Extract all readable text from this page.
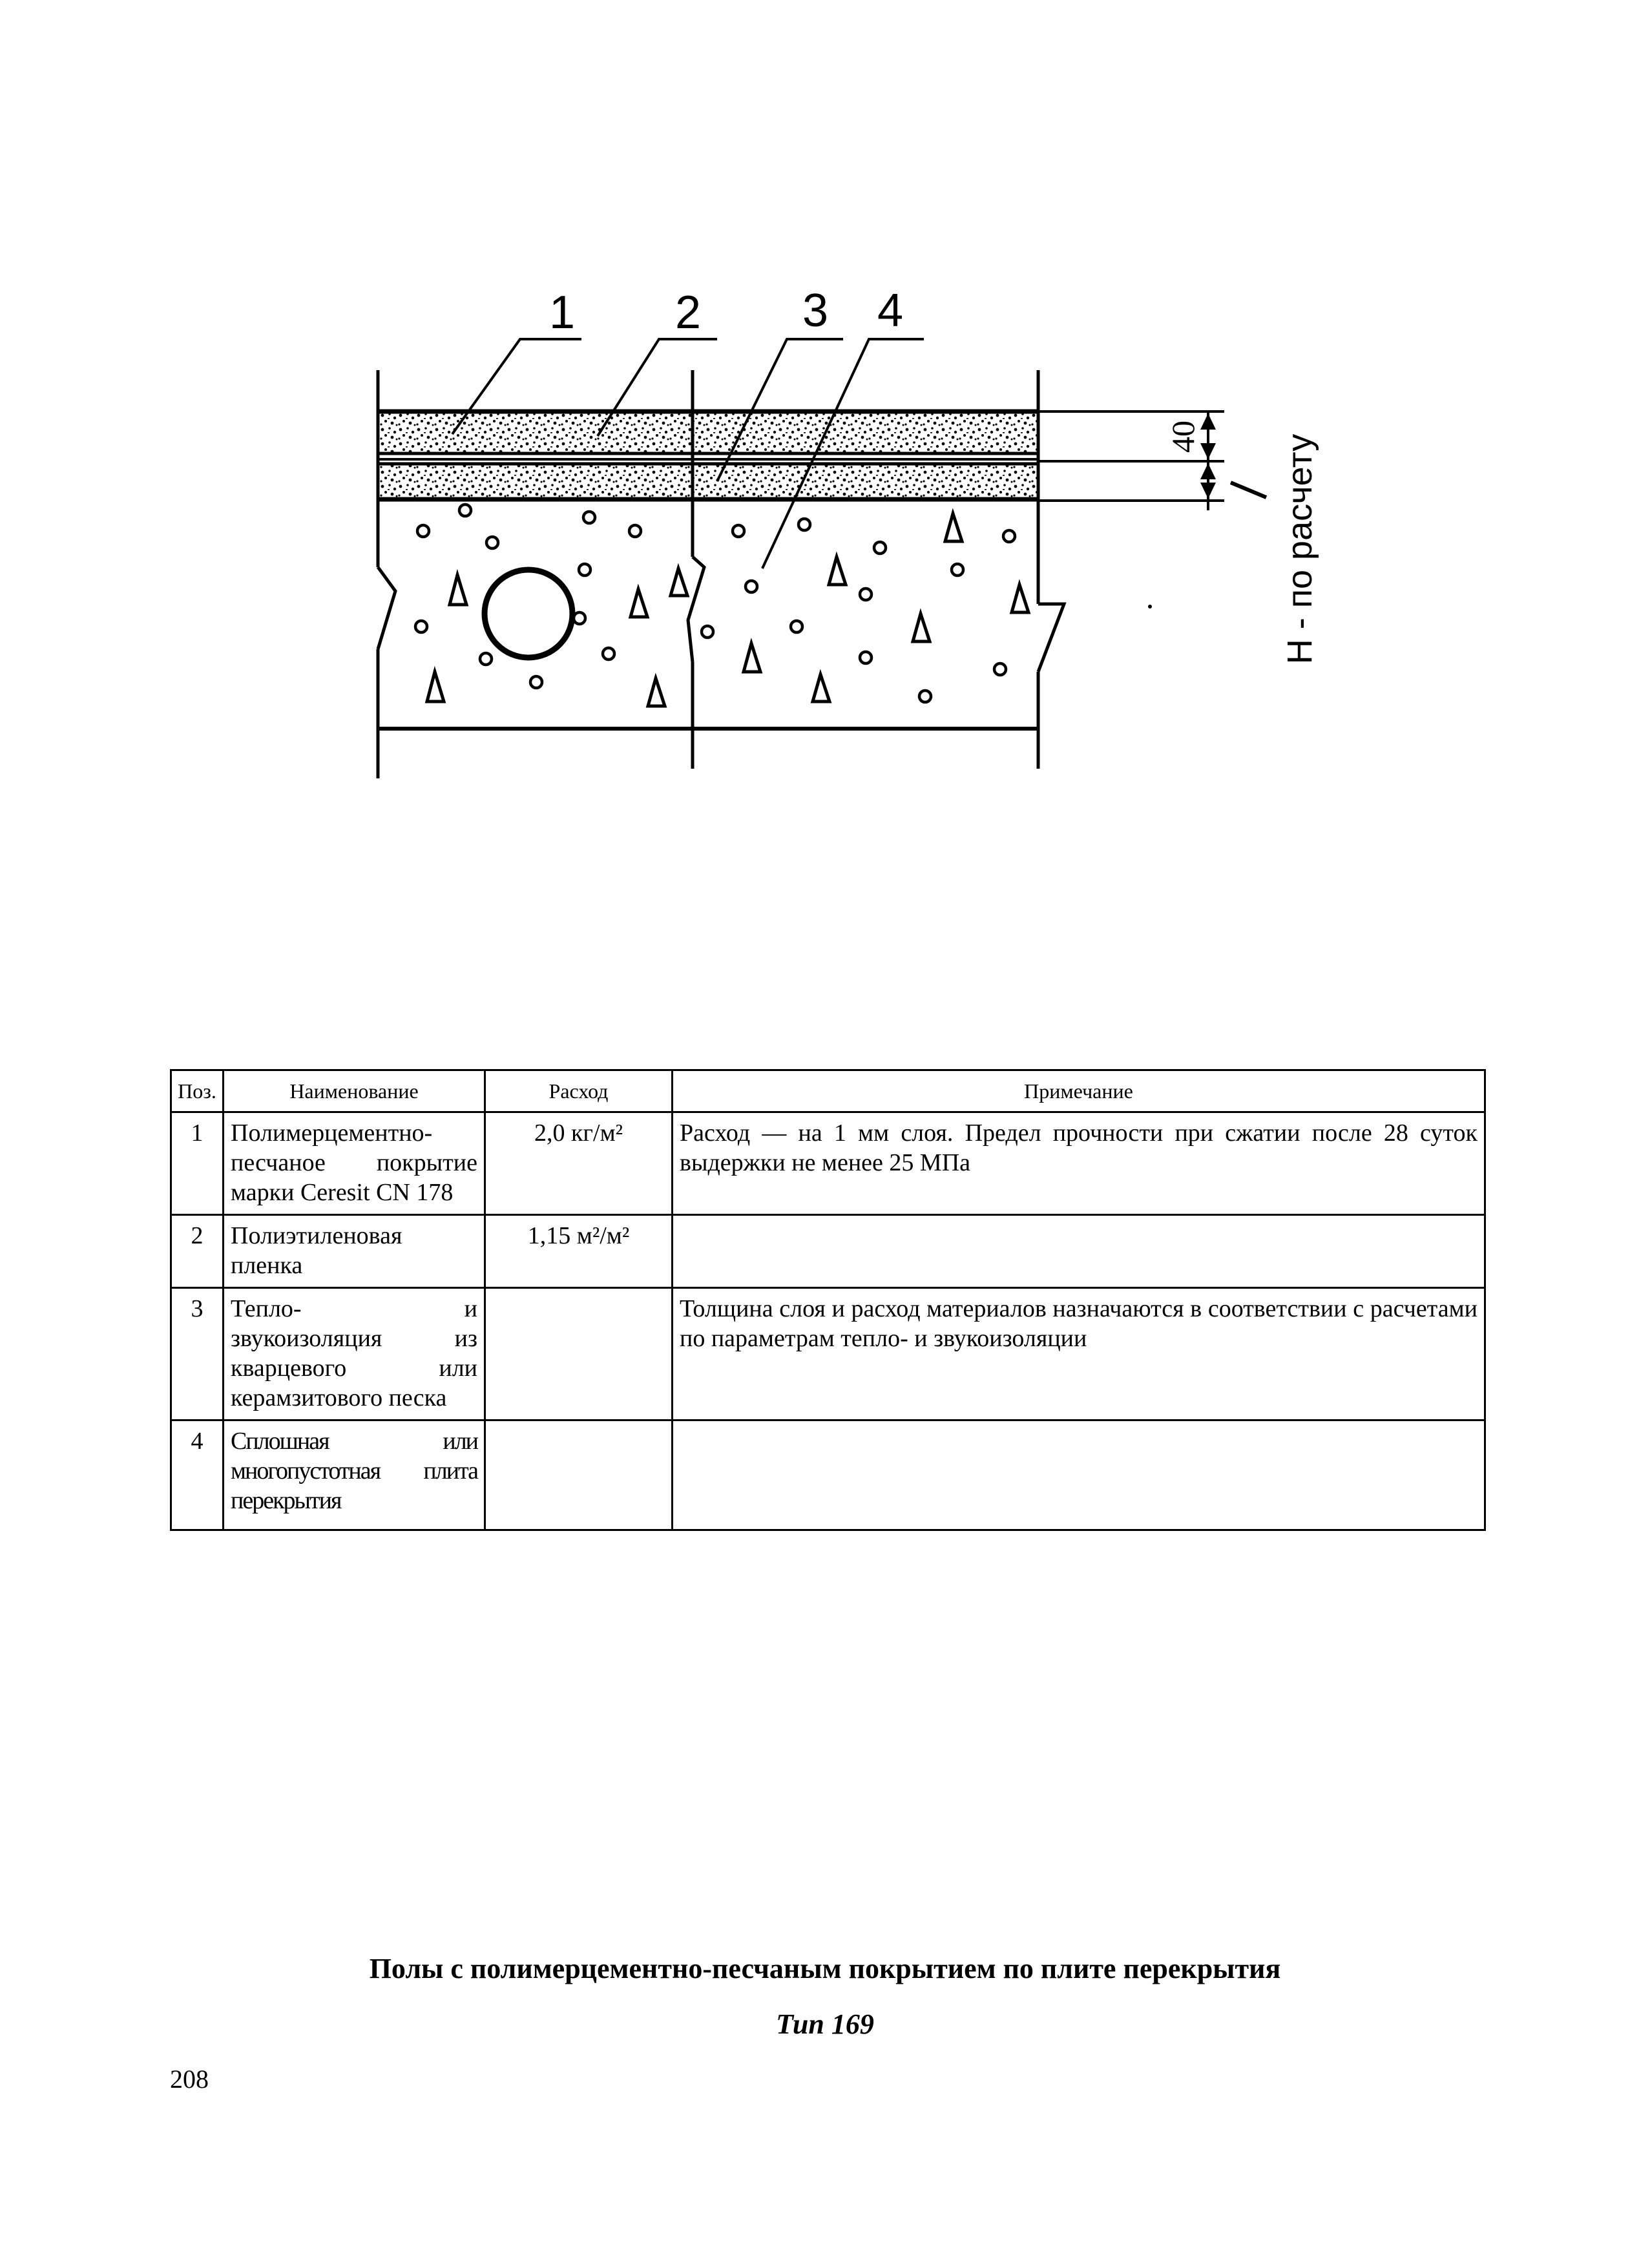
1 2 3 4
40 Н - по расчету
Поз.	Наименование	Расход	Примечание
1	Полимерцементно-песчаное покрытие марки Ceresit CN 178	2,0 кг/м²	Расход — на 1 мм слоя. Предел прочности при сжатии после 28 суток выдержки не менее 25 МПа
2	Полиэтиленовая пленка	1,15 м²/м²	
3	Тепло- и звукоизоляция из кварцевого или керамзитового песка		Толщина слоя и расход материалов назначаются в соответствии с расчетами по параметрам тепло- и звукоизоляции
4	Сплошная или многопустотная плита перекрытия		
Полы с полимерцементно-песчаным покрытием по плите перекрытия
Тип 169
208
